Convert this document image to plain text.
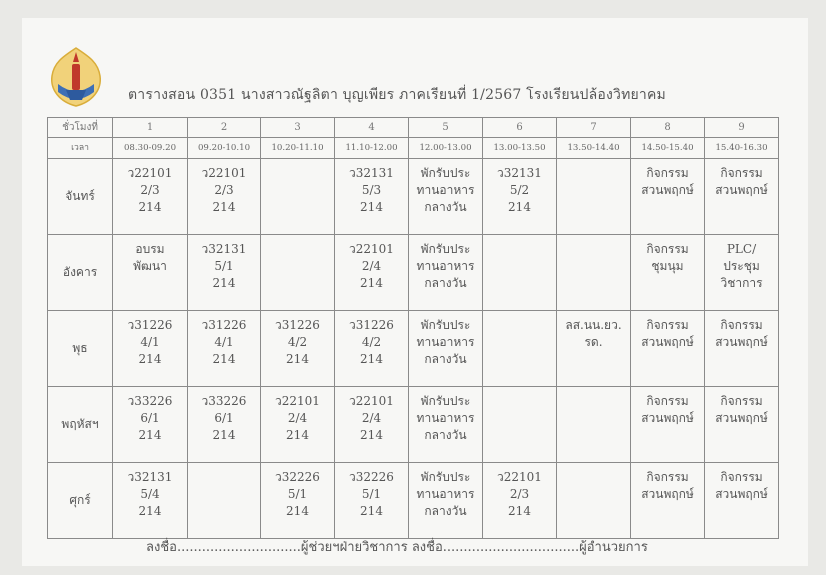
ตารางสอน 0351 นางสาวณัฐลิตา บุญเพียร ภาคเรียนที่ 1/2567 โรงเรียนปล้องวิทยาคม
ชั่วโมงที่	1	2	3	4	5	6	7	8	9
เวลา	08.30-09.20	09.20-10.10	10.20-11.10	11.10-12.00	12.00-13.00	13.00-13.50	13.50-14.40	14.50-15.40	15.40-16.30
จันทร์	ว22101
2/3
214	ว22101
2/3
214		ว32131
5/3
214	พักรับประ
ทานอาหาร
กลางวัน	ว32131
5/2
214		กิจกรรม
สวนพฤกษ์	กิจกรรม
สวนพฤกษ์

อังคาร	อบรม
พัฒนา	ว32131
5/1
214		ว22101
2/4
214	พักรับประ
ทานอาหาร
กลางวัน			กิจกรรม
ชุมนุม	PLC/
ประชุม
วิชาการ

พุธ	ว31226
4/1
214	ว31226
4/1
214	ว31226
4/2
214	ว31226
4/2
214	พักรับประ
ทานอาหาร
กลางวัน		ลส.นน.ยว.
รด.	กิจกรรม
สวนพฤกษ์	กิจกรรม
สวนพฤกษ์

พฤหัสฯ	ว33226
6/1
214	ว33226
6/1
214	ว22101
2/4
214	ว22101
2/4
214	พักรับประ
ทานอาหาร
กลางวัน			กิจกรรม
สวนพฤกษ์	กิจกรรม
สวนพฤกษ์

ศุกร์	ว32131
5/4
214		ว32226
5/1
214	ว32226
5/1
214	พักรับประ
ทานอาหาร
กลางวัน	ว22101
2/3
214		กิจกรรม
สวนพฤกษ์	กิจกรรม
สวนพฤกษ์
ลงชื่อ..............................ผู้ช่วยฯฝ่ายวิชาการ ลงชื่อ.................................ผู้อำนวยการ
